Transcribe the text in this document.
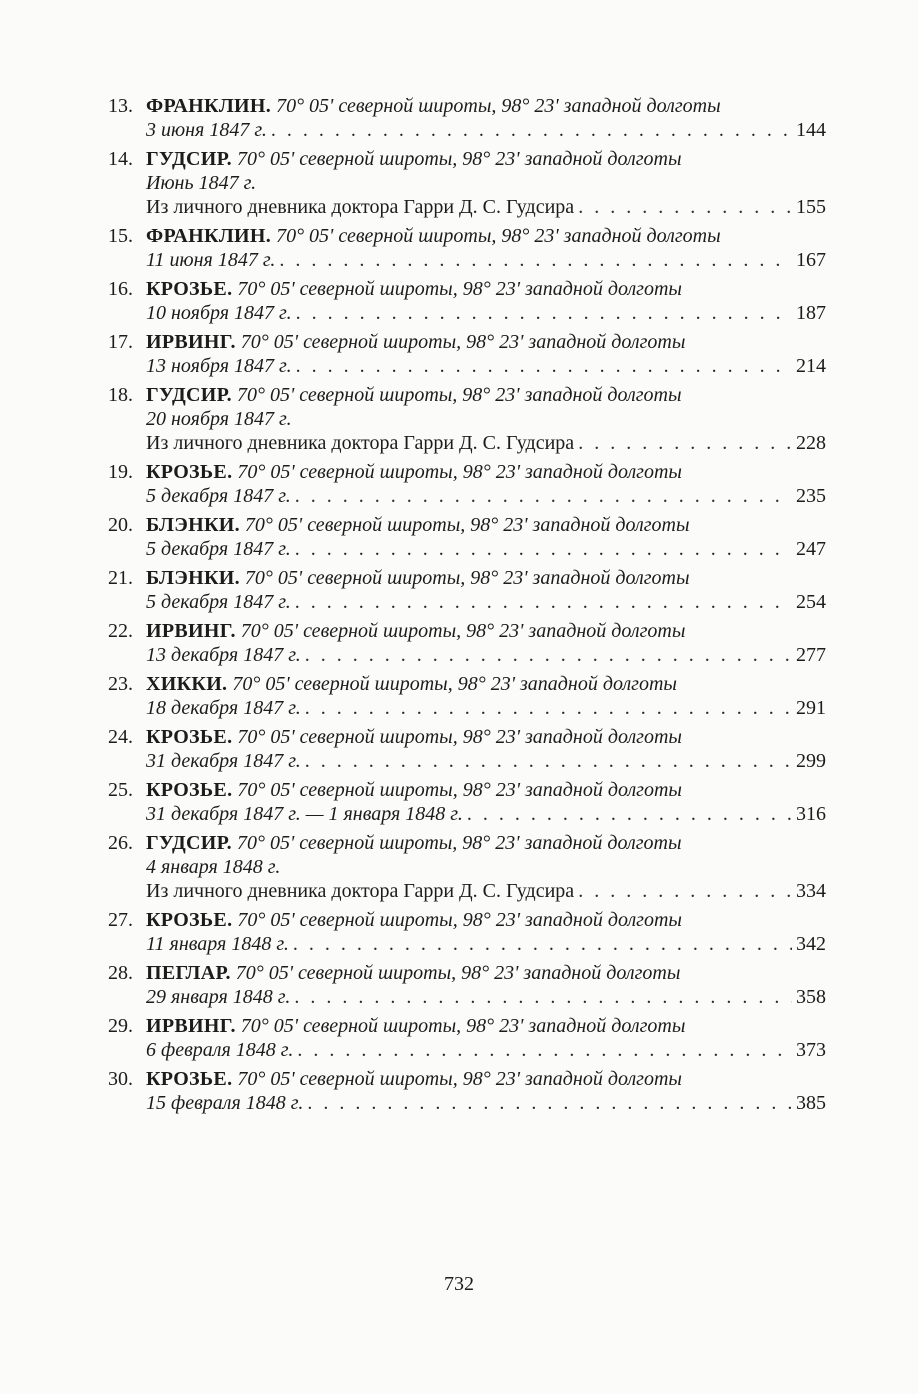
13. ФРАНКЛИН. 70° 05' северной широты, 98° 23' западной долготы
3 июня 1847 г. . . .	144
14. ГУДСИР. 70° 05' северной широты, 98° 23' западной долготы
Июнь 1847 г.
Из личного дневника доктора Гарри Д. С. Гудсира . . .	155
15. ФРАНКЛИН. 70° 05' северной широты, 98° 23' западной долготы
11 июня 1847 г. . . .	167
16. КРОЗЬЕ. 70° 05' северной широты, 98° 23' западной долготы
10 ноября 1847 г. . . .	187
17. ИРВИНГ. 70° 05' северной широты, 98° 23' западной долготы
13 ноября 1847 г. . . .	214
18. ГУДСИР. 70° 05' северной широты, 98° 23' западной долготы
20 ноября 1847 г.
Из личного дневника доктора Гарри Д. С. Гудсира . . .	228
19. КРОЗЬЕ. 70° 05' северной широты, 98° 23' западной долготы
5 декабря 1847 г. . . .	235
20. БЛЭНКИ. 70° 05' северной широты, 98° 23' западной долготы
5 декабря 1847 г. . . .	247
21. БЛЭНКИ. 70° 05' северной широты, 98° 23' западной долготы
5 декабря 1847 г. . . .	254
22. ИРВИНГ. 70° 05' северной широты, 98° 23' западной долготы
13 декабря 1847 г. . . .	277
23. ХИККИ. 70° 05' северной широты, 98° 23' западной долготы
18 декабря 1847 г. . . .	291
24. КРОЗЬЕ. 70° 05' северной широты, 98° 23' западной долготы
31 декабря 1847 г. . . .	299
25. КРОЗЬЕ. 70° 05' северной широты, 98° 23' западной долготы
31 декабря 1847 г. — 1 января 1848 г. . . .	316
26. ГУДСИР. 70° 05' северной широты, 98° 23' западной долготы
4 января 1848 г.
Из личного дневника доктора Гарри Д. С. Гудсира . . .	334
27. КРОЗЬЕ. 70° 05' северной широты, 98° 23' западной долготы
11 января 1848 г. . . .	342
28. ПЕГЛАР. 70° 05' северной широты, 98° 23' западной долготы
29 января 1848 г. . . .	358
29. ИРВИНГ. 70° 05' северной широты, 98° 23' западной долготы
6 февраля 1848 г. . . .	373
30. КРОЗЬЕ. 70° 05' северной широты, 98° 23' западной долготы
15 февраля 1848 г. . . .	385
732
